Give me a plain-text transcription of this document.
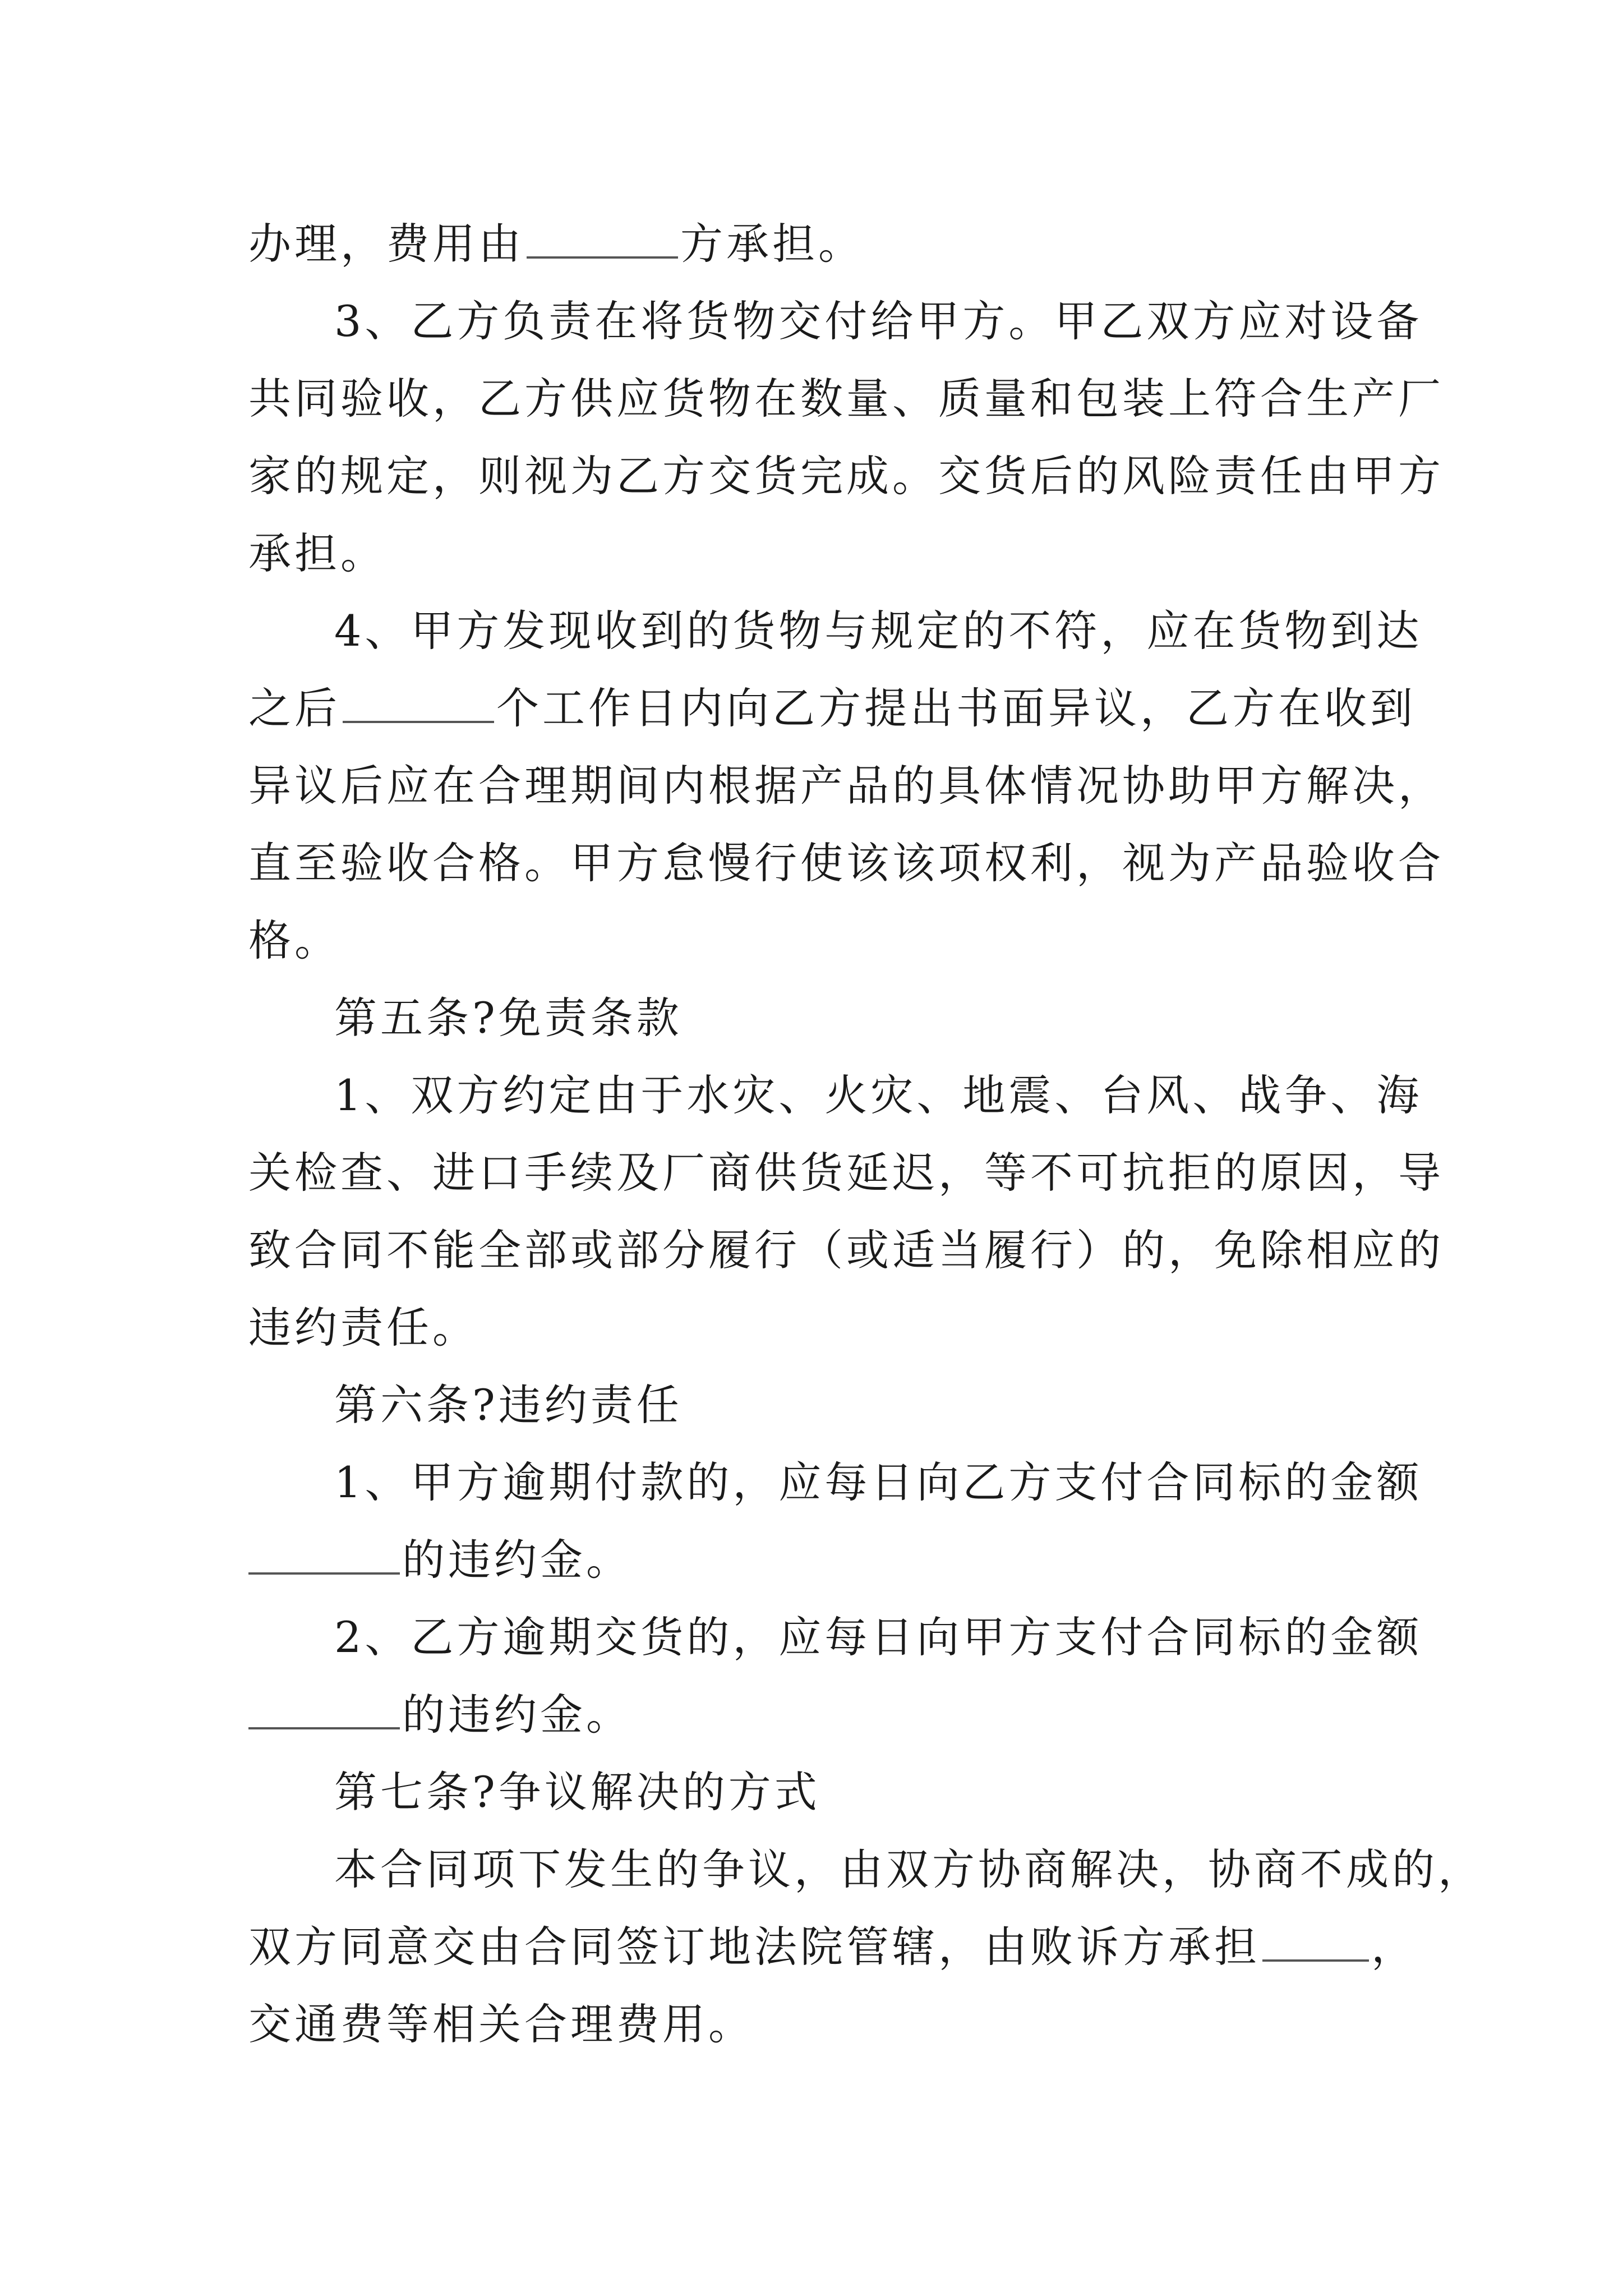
办理，费用由	方承担。
3、乙方负责在将货物交付给甲方。甲乙双方应对设备
共同验收，乙方供应货物在数量、质量和包装上符合生产厂
家的规定，则视为乙方交货完成。交货后的风险责任由甲方
承担。
4、甲方发现收到的货物与规定的不符，应在货物到达
之后	个工作日内向乙方提出书面异议，乙方在收到
异议后应在合理期间内根据产品的具体情况协助甲方解决，
直至验收合格。甲方怠慢行使该该项权利，视为产品验收合
格。
第五条?免责条款
1、双方约定由于水灾、火灾、地震、台风、战争、海
关检查、进口手续及厂商供货延迟，等不可抗拒的原因，导
致合同不能全部或部分履行（或适当履行）的，免除相应的
违约责任。
第六条?违约责任
1、甲方逾期付款的，应每日向乙方支付合同标的金额
的违约金。
2、乙方逾期交货的，应每日向甲方支付合同标的金额
的违约金。
第七条?争议解决的方式
本合同项下发生的争议，由双方协商解决，协商不成的，
双方同意交由合同签订地法院管辖，由败诉方承担	，
交通费等相关合理费用。
